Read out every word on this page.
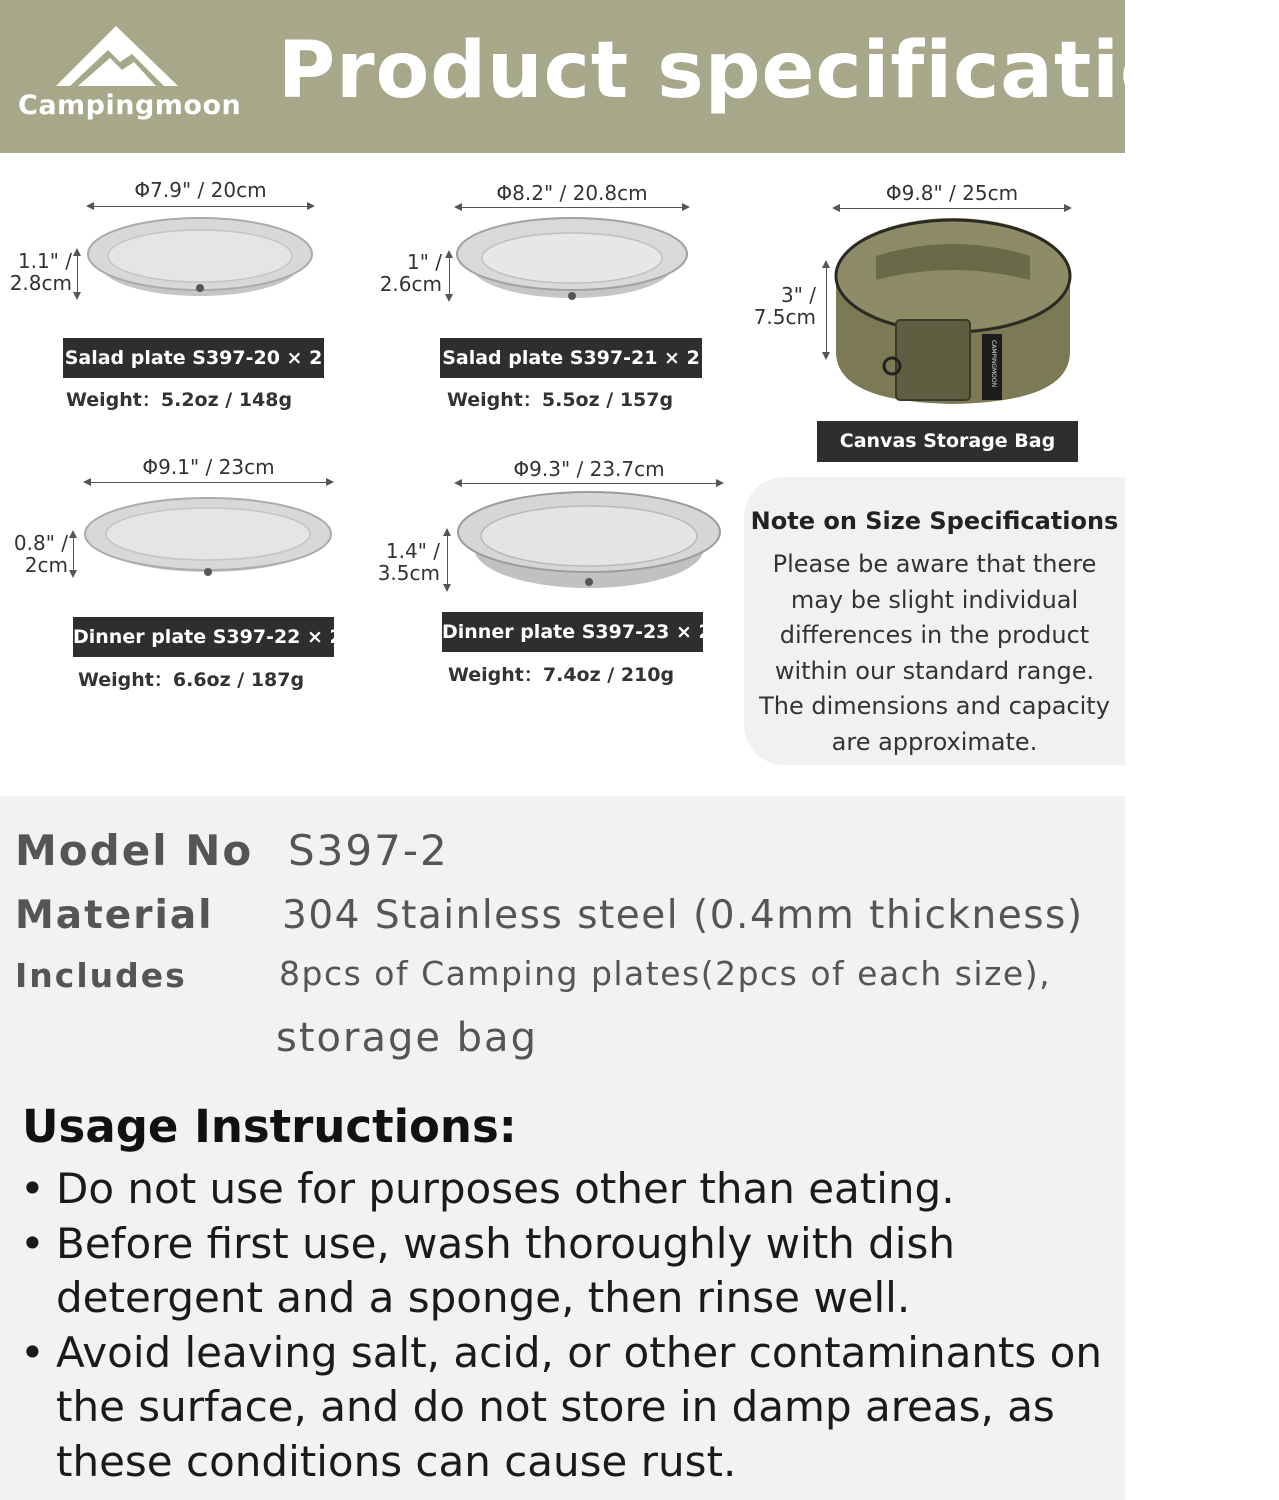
Campingmoon Product specifications
Φ7.9" / 20cm
1.1" /
2.8cm
Salad plate S397-20 × 2
Weight：5.2oz / 148g
Φ8.2" / 20.8cm
1" /
2.6cm
Salad plate S397-21 × 2
Weight：5.5oz / 157g
Φ9.8" / 25cm
3" /
7.5cm
CAMPINGMOON
Canvas Storage Bag
Φ9.1" / 23cm
0.8" /
2cm
Dinner plate S397-22 × 2
Weight：6.6oz / 187g
Φ9.3" / 23.7cm
1.4" /
3.5cm
Dinner plate S397-23 × 2
Weight：7.4oz / 210g
Note on Size Specifications
Please be aware that there may be slight individual differences in the product within our standard range. The dimensions and capacity are approximate.
Model No S397-2
Material 304 Stainless steel (0.4mm thickness)
Includes	8pcs of Camping plates(2pcs of each size),
storage bag
Usage Instructions:
• Do not use for purposes other than eating.
• Before first use, wash thoroughly with dish detergent and a sponge, then rinse well.
• Avoid leaving salt, acid, or other contaminants on the surface, and do not store in damp areas, as these conditions can cause rust.
